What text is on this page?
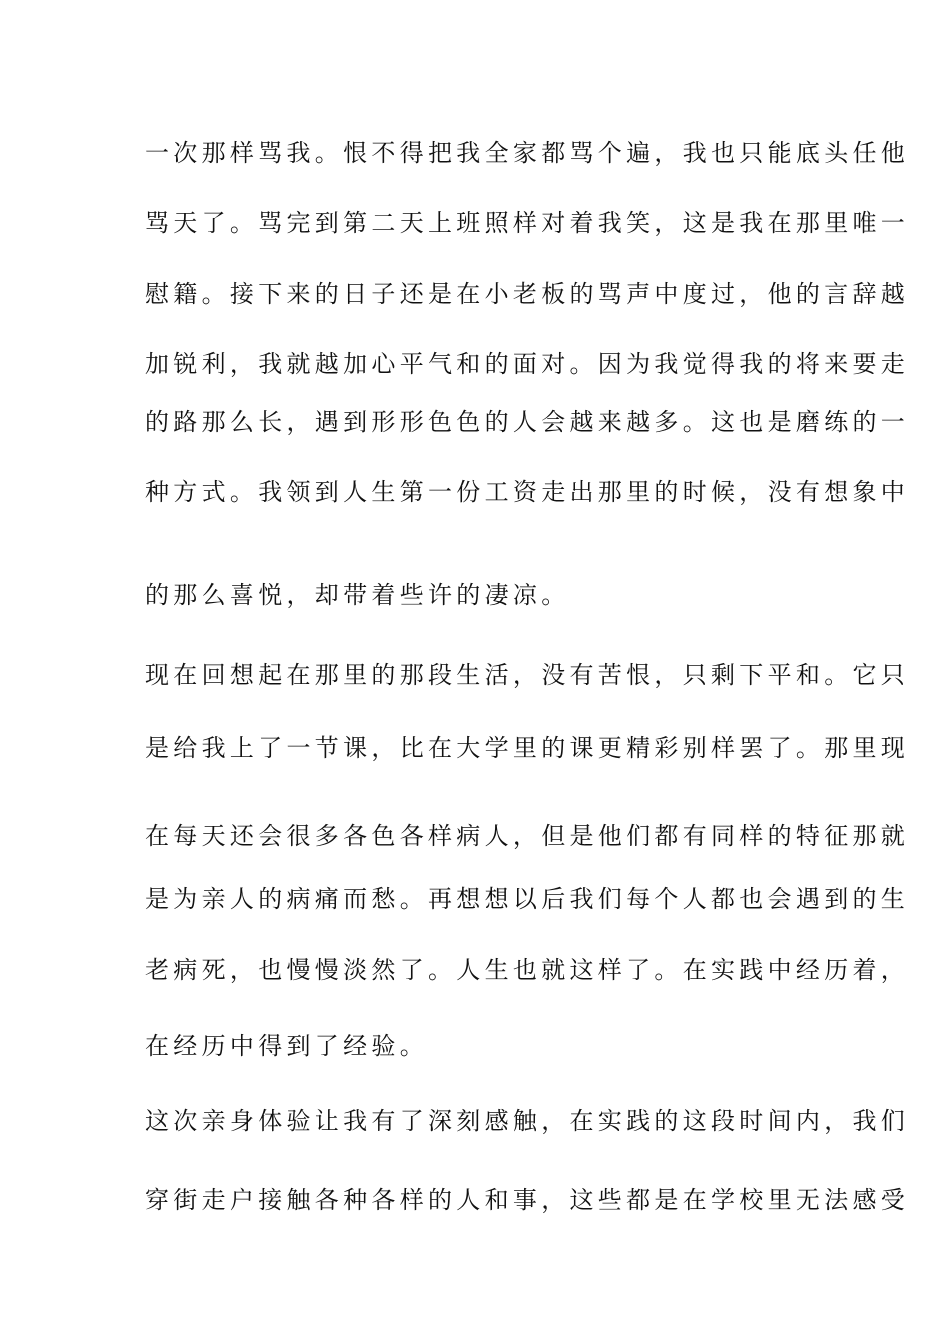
一次那样骂我。恨不得把我全家都骂个遍，我也只能底头任他
骂天了。骂完到第二天上班照样对着我笑，这是我在那里唯一
慰籍。接下来的日子还是在小老板的骂声中度过，他的言辞越
加锐利，我就越加心平气和的面对。因为我觉得我的将来要走
的路那么长，遇到形形色色的人会越来越多。这也是磨练的一
种方式。我领到人生第一份工资走出那里的时候，没有想象中
的那么喜悦，却带着些许的凄凉。
现在回想起在那里的那段生活，没有苦恨，只剩下平和。它只
是给我上了一节课，比在大学里的课更精彩别样罢了。那里现
在每天还会很多各色各样病人，但是他们都有同样的特征那就
是为亲人的病痛而愁。再想想以后我们每个人都也会遇到的生
老病死，也慢慢淡然了。人生也就这样了。在实践中经历着，
在经历中得到了经验。
这次亲身体验让我有了深刻感触，在实践的这段时间内，我们
穿街走户接触各种各样的人和事，这些都是在学校里无法感受
